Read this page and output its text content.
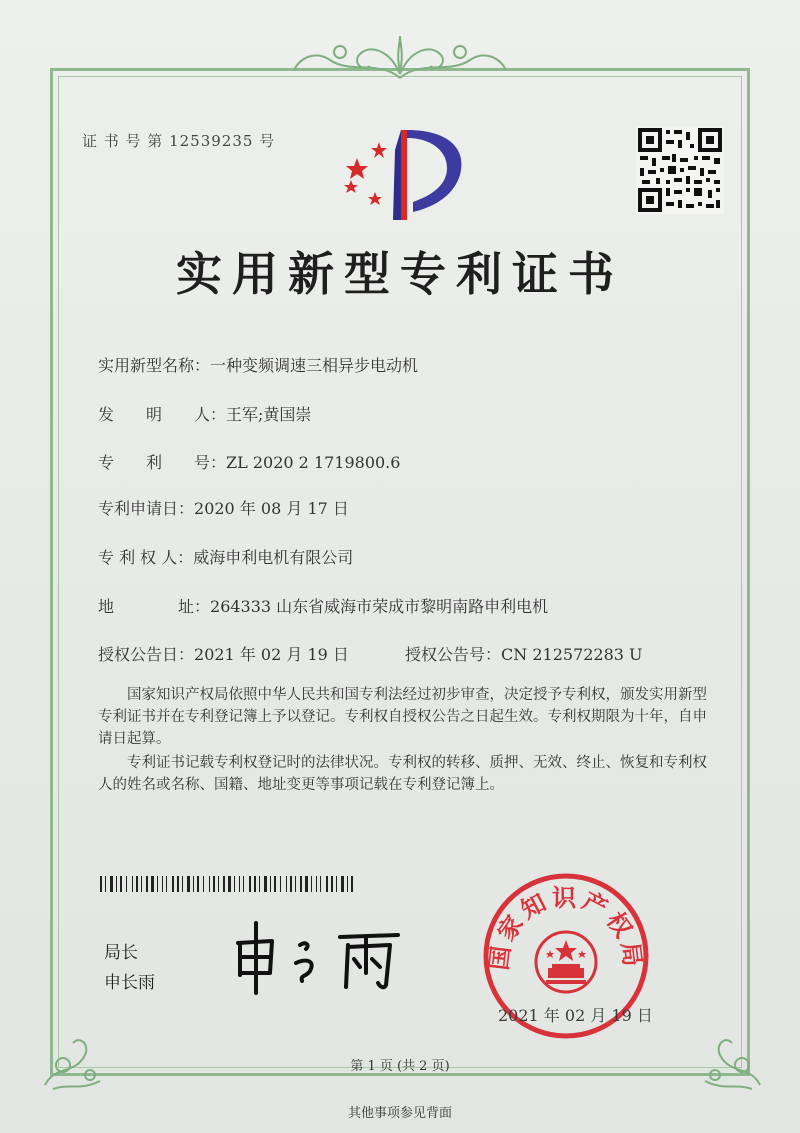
证 书 号 第 12539235 号
实用新型专利证书
实用新型名称：一种变频调速三相异步电动机
发　　明　　人：王军;黄国崇
专　　利　　号：ZL 2020 2 1719800.6
专利申请日：2020 年 08 月 17 日
专 利 权 人：威海申利电机有限公司
地　　　　址：264333 山东省威海市荣成市黎明南路申利电机
授权公告日：2021 年 02 月 19 日	授权公告号：CN 212572283 U
国家知识产权局依照中华人民共和国专利法经过初步审查，决定授予专利权，颁发实用新型专利证书并在专利登记簿上予以登记。专利权自授权公告之日起生效。专利权期限为十年，自申请日起算。
专利证书记载专利权登记时的法律状况。专利权的转移、质押、无效、终止、恢复和专利权人的姓名或名称、国籍、地址变更等事项记载在专利登记簿上。
局长
申长雨
国家知识产权局
2021 年 02 月 19 日
第 1 页 (共 2 页)
其他事项参见背面
